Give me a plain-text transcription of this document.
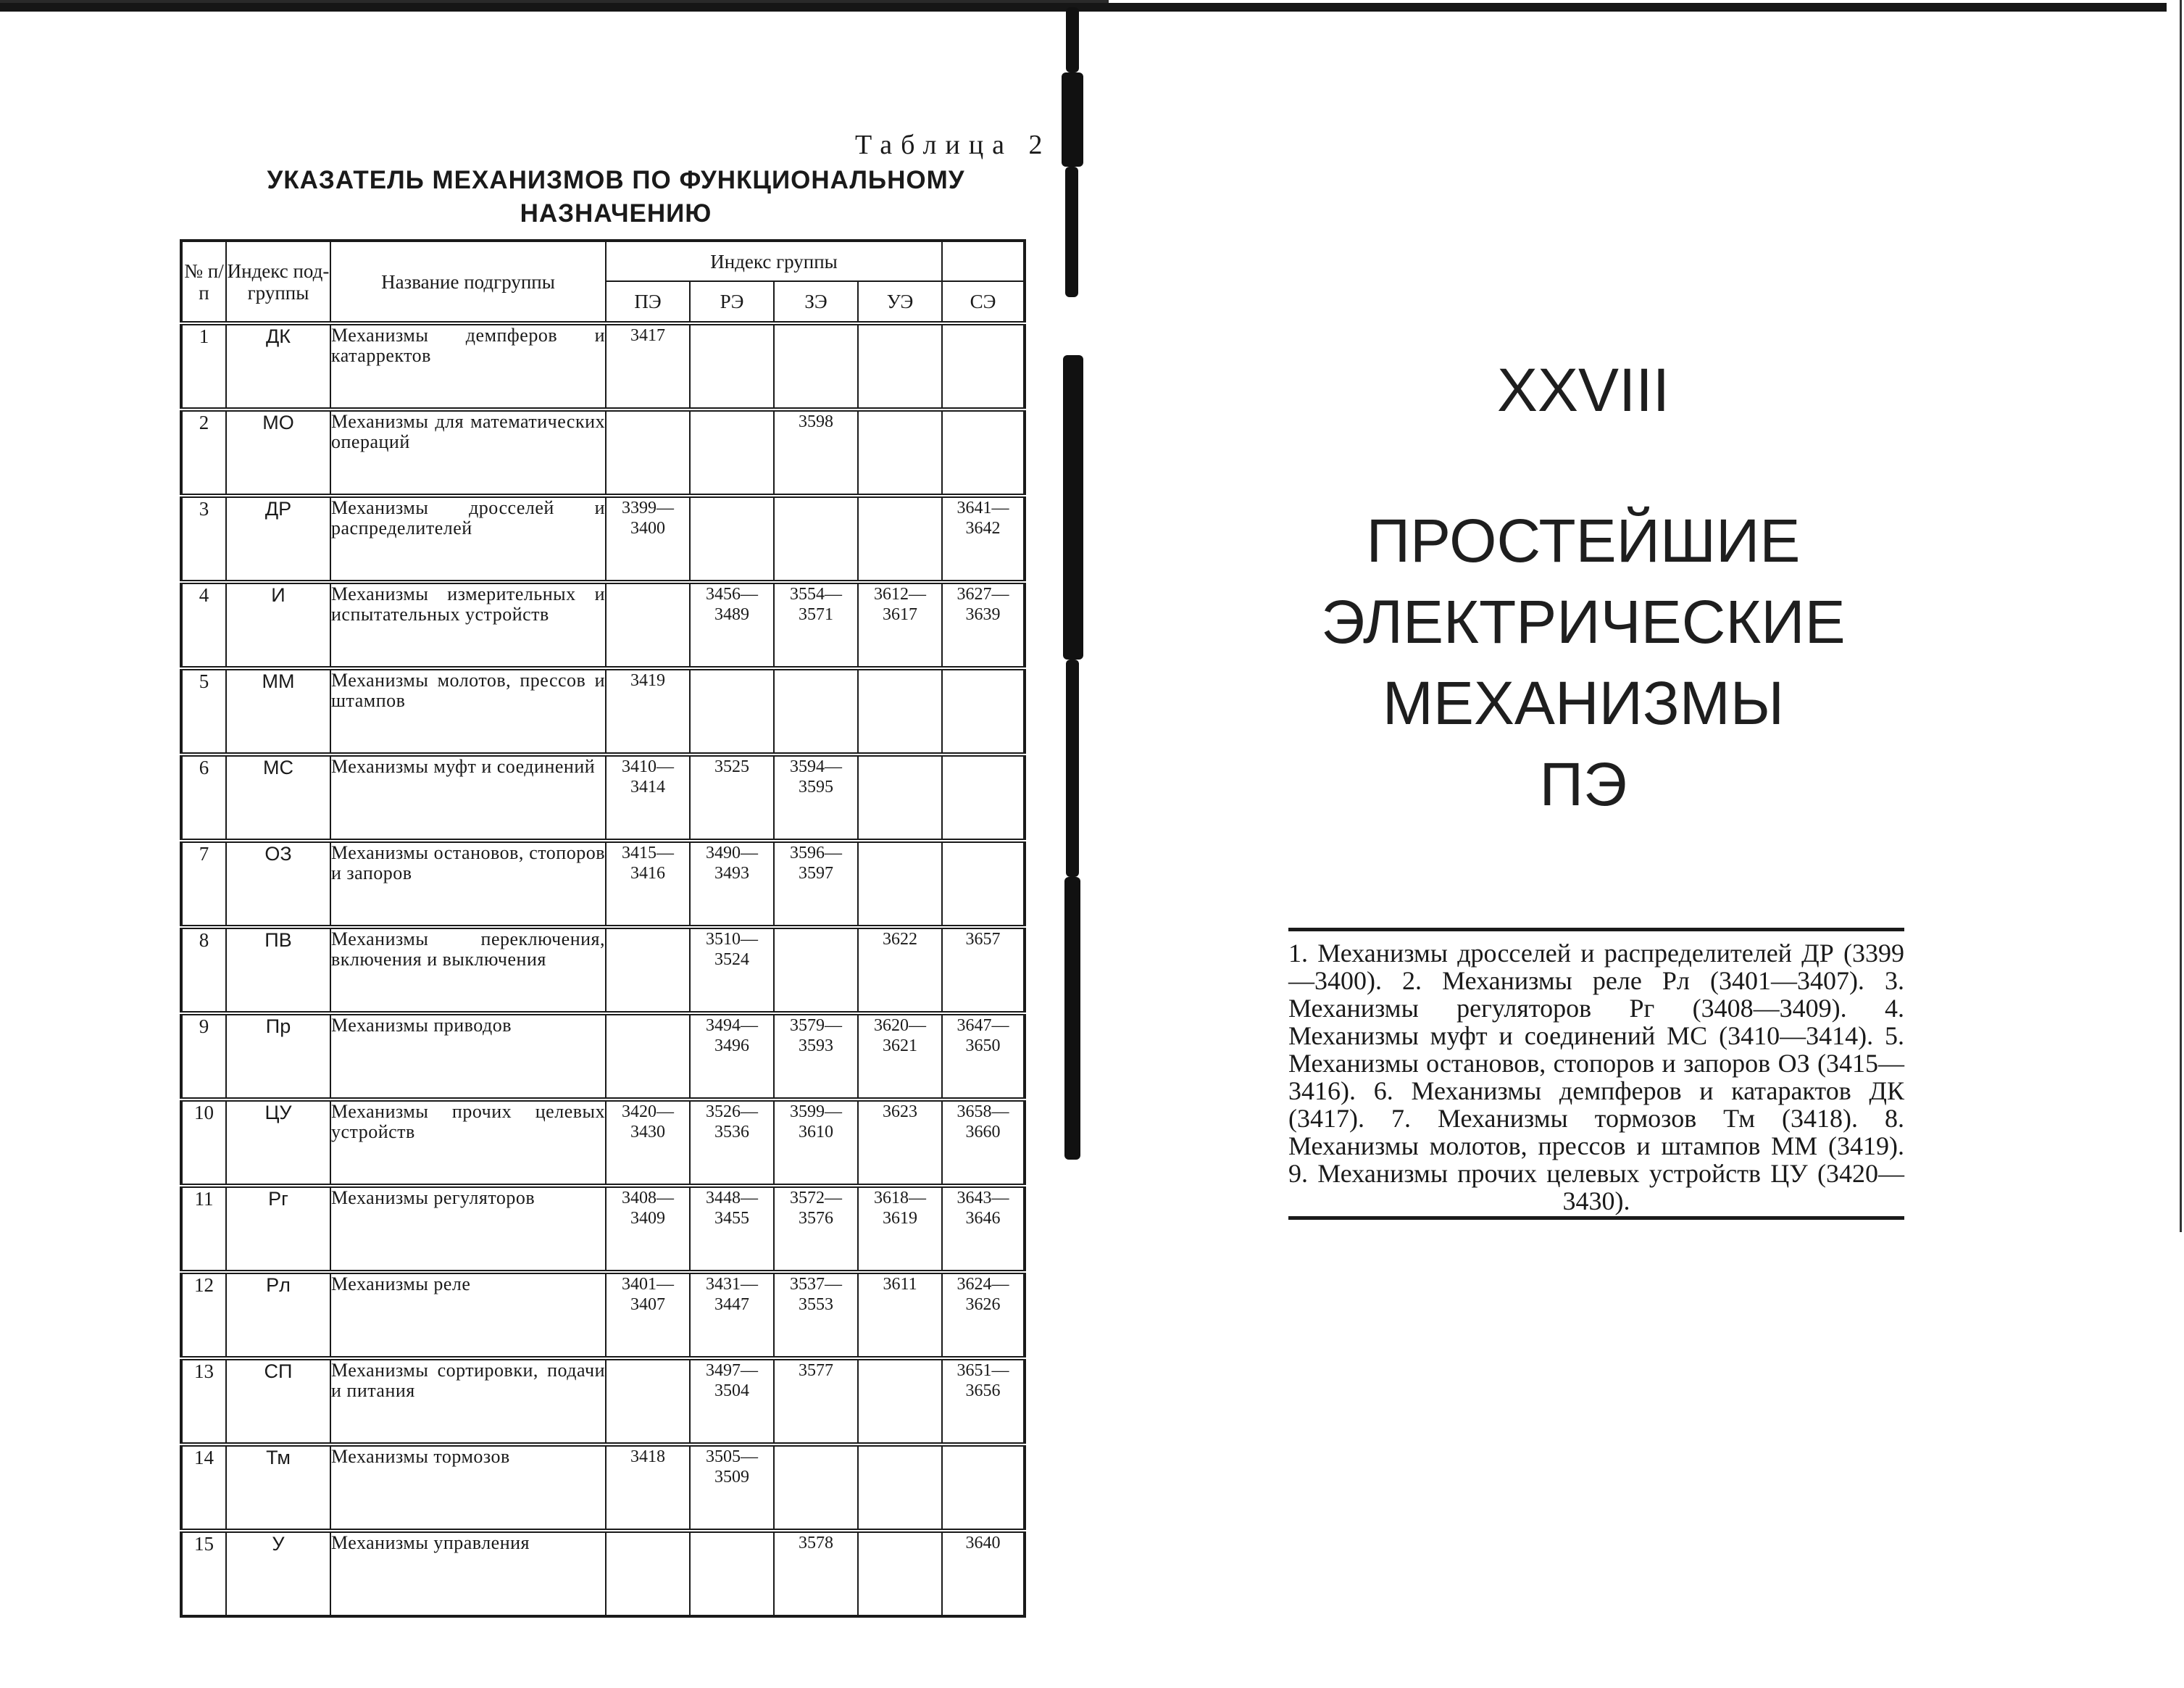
Таблица 2
УКАЗАТЕЛЬ МЕХАНИЗМОВ ПО ФУНКЦИОНАЛЬНОМУ НАЗНАЧЕНИЮ
№ п/п	Индекс под-группы	Название подгруппы	Индекс группы				
			ПЭ	РЭ	ЗЭ	УЭ	СЭ
1	ДК	Механизмы демпферов и катарректов	3417				
2	МО	Механизмы для математических операций			3598		
3	ДР	Механизмы дросселей и распределителей	3399—3400				3641—3642
4	И	Механизмы измерительных и испытательных устройств		3456—3489	3554—3571	3612—3617	3627—3639
5	ММ	Механизмы молотов, прессов и штампов	3419				
6	МС	Механизмы муфт и соединений	3410—3414	3525	3594—3595		
7	ОЗ	Механизмы остановов, стопоров и запоров	3415—3416	3490—3493	3596—3597		
8	ПВ	Механизмы переключения, включения и выключения		3510—3524		3622	3657
9	Пр	Механизмы приводов		3494—3496	3579—3593	3620—3621	3647—3650
10	ЦУ	Механизмы прочих целевых устройств	3420—3430	3526—3536	3599—3610	3623	3658—3660
11	Рг	Механизмы регуляторов	3408—3409	3448—3455	3572—3576	3618—3619	3643—3646
12	Рл	Механизмы реле	3401—3407	3431—3447	3537—3553	3611	3624—3626
13	СП	Механизмы сортировки, подачи и питания		3497—3504	3577		3651—3656
14	Тм	Механизмы тормозов	3418	3505—3509			
15	У	Механизмы управления			3578		3640
XXVIII
ПРОСТЕЙШИЕ
ЭЛЕКТРИЧЕСКИЕ
МЕХАНИЗМЫ
ПЭ
1. Механизмы дросселей и распределителей ДР (3399—3400). 2. Механизмы реле Рл (3401—3407). 3. Механизмы регуляторов Рг (3408—3409). 4. Механизмы муфт и соединений МС (3410—3414). 5. Механизмы остановов, стопоров и запоров ОЗ (3415—3416). 6. Механизмы демпферов и катарактов ДК (3417). 7. Механизмы тормозов Тм (3418). 8. Механизмы молотов, прессов и штампов ММ (3419). 9. Механизмы прочих целевых устройств ЦУ (3420—3430).
